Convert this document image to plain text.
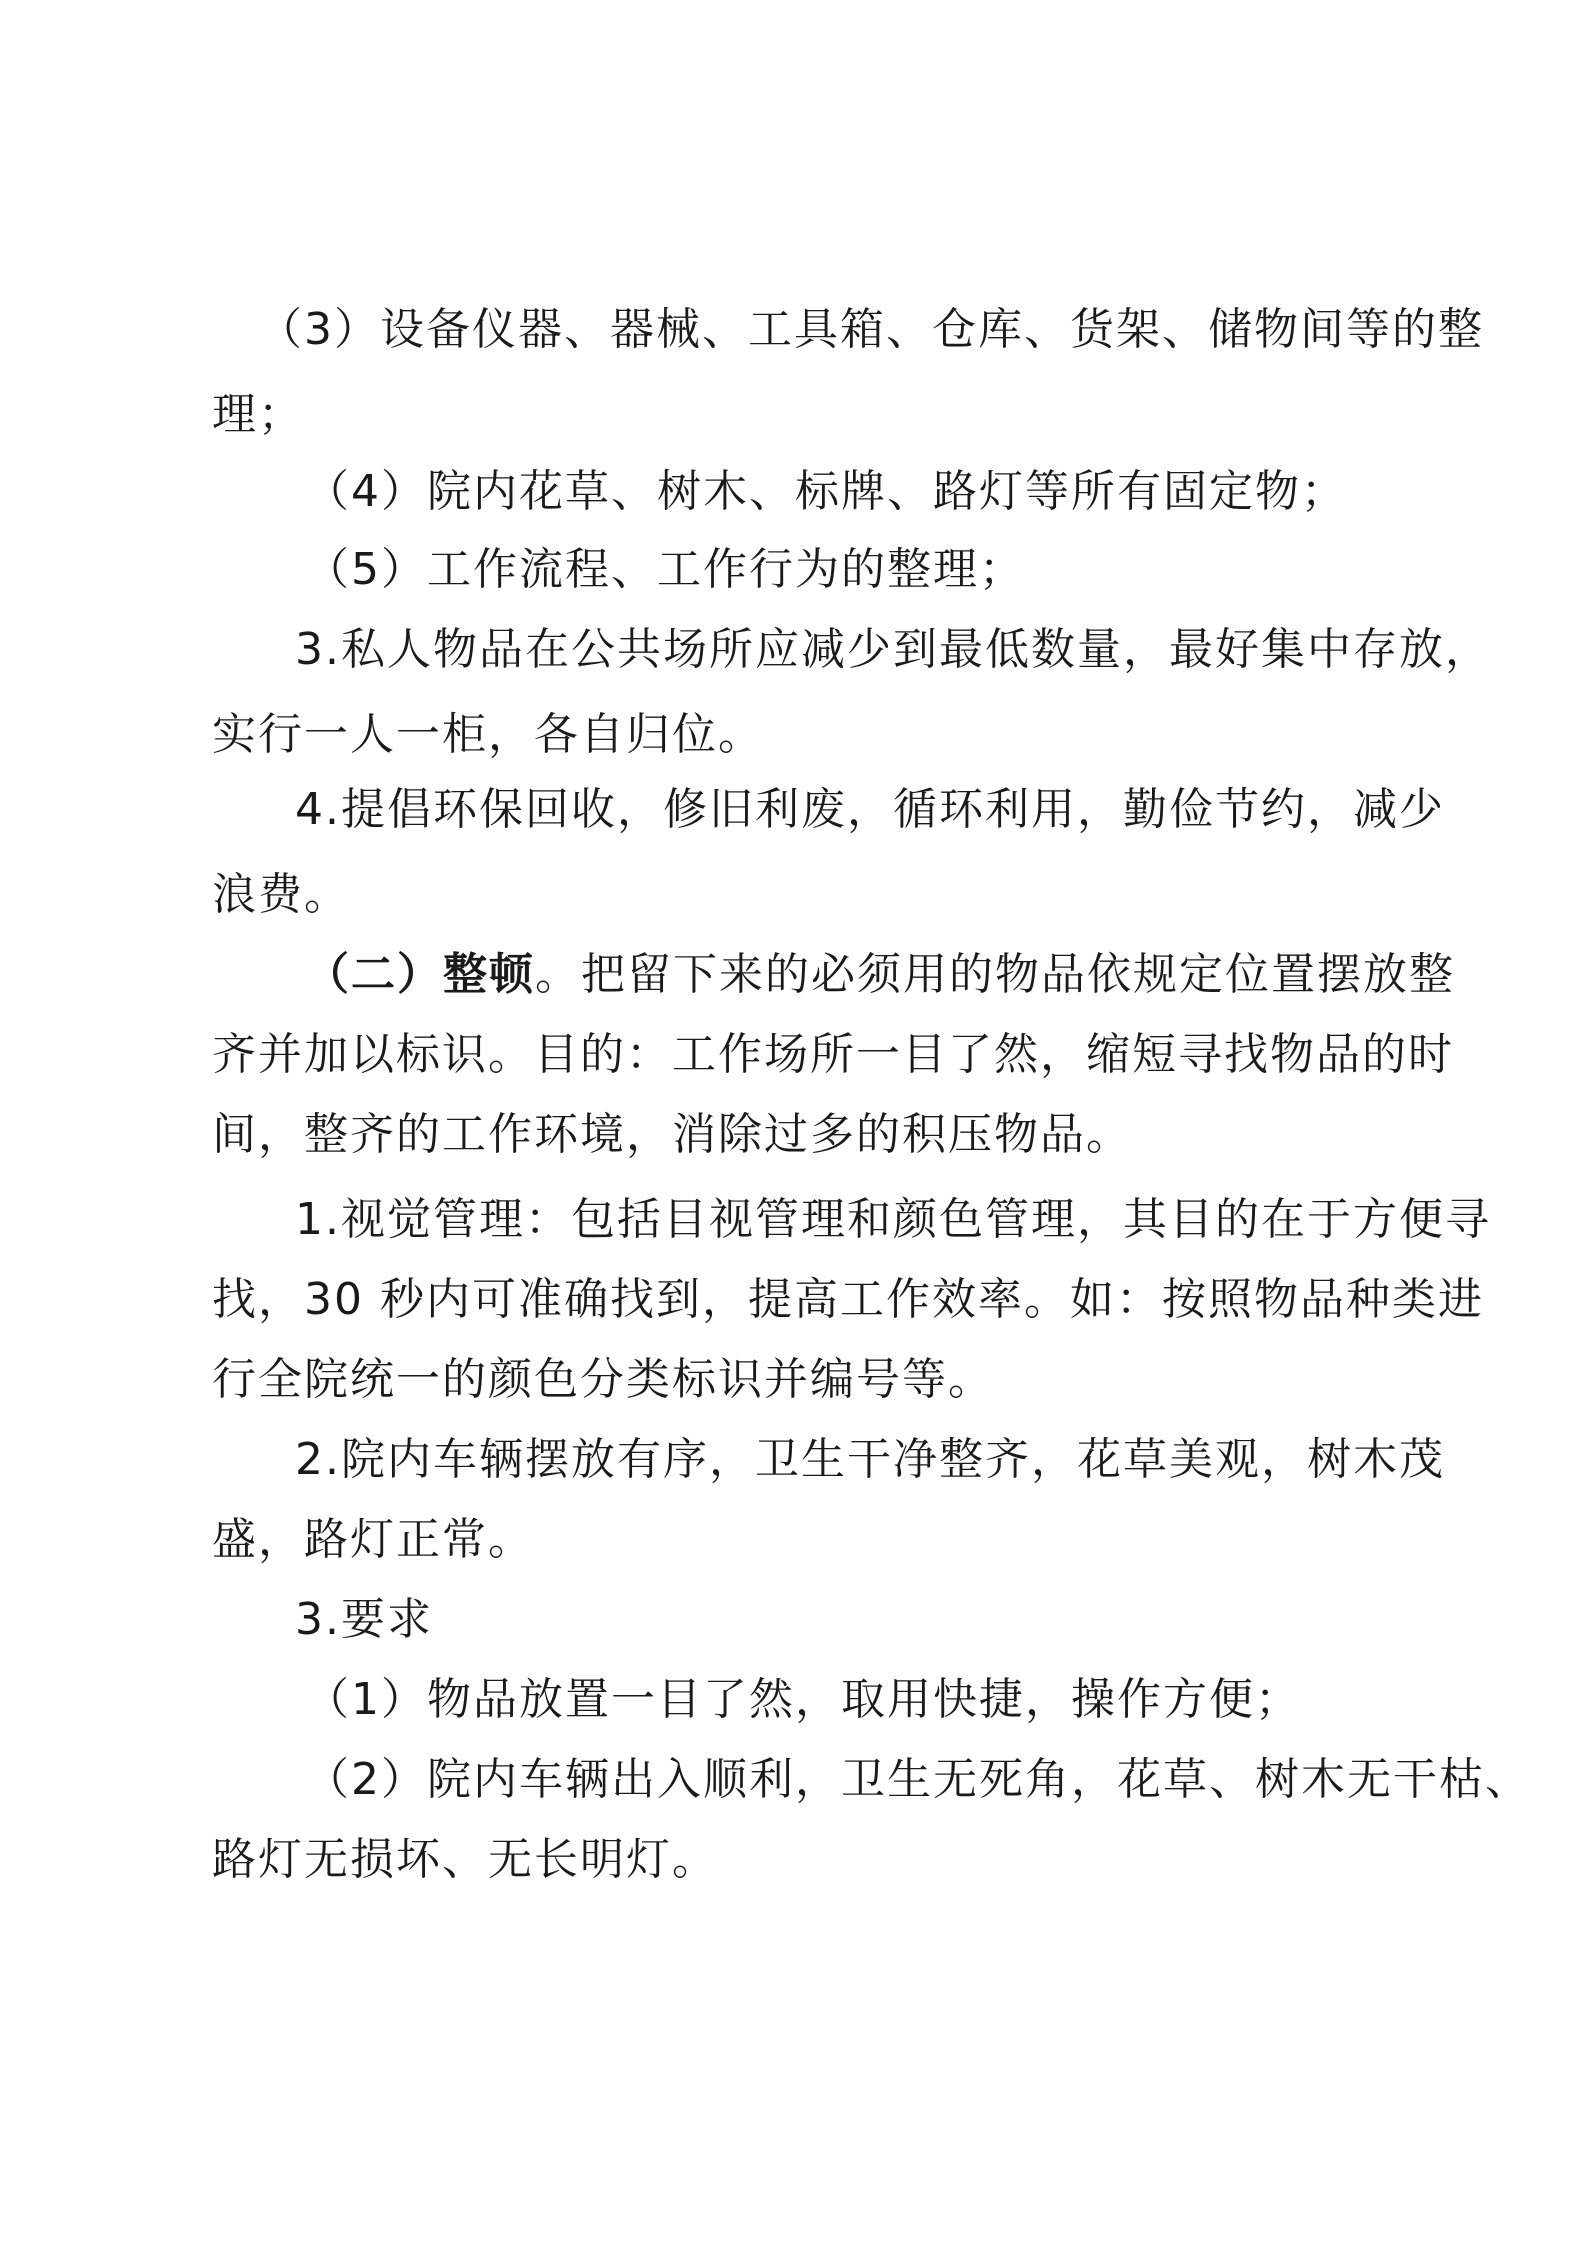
（3）设备仪器、器械、工具箱、仓库、货架、储物间等的整

理；

（4）院内花草、树木、标牌、路灯等所有固定物；

（5）工作流程、工作行为的整理；

3.私人物品在公共场所应减少到最低数量，最好集中存放，

实行一人一柜，各自归位。

4.提倡环保回收，修旧利废，循环利用，勤俭节约，减少

浪费。

（二）整顿。把留下来的必须用的物品依规定位置摆放整

齐并加以标识。目的：工作场所一目了然，缩短寻找物品的时

间，整齐的工作环境，消除过多的积压物品。

1.视觉管理：包括目视管理和颜色管理，其目的在于方便寻

找，30 秒内可准确找到，提高工作效率。如：按照物品种类进

行全院统一的颜色分类标识并编号等。

2.院内车辆摆放有序，卫生干净整齐，花草美观，树木茂

盛，路灯正常。

3.要求

（1）物品放置一目了然，取用快捷，操作方便；

（2）院内车辆出入顺利，卫生无死角，花草、树木无干枯、

路灯无损坏、无长明灯。
